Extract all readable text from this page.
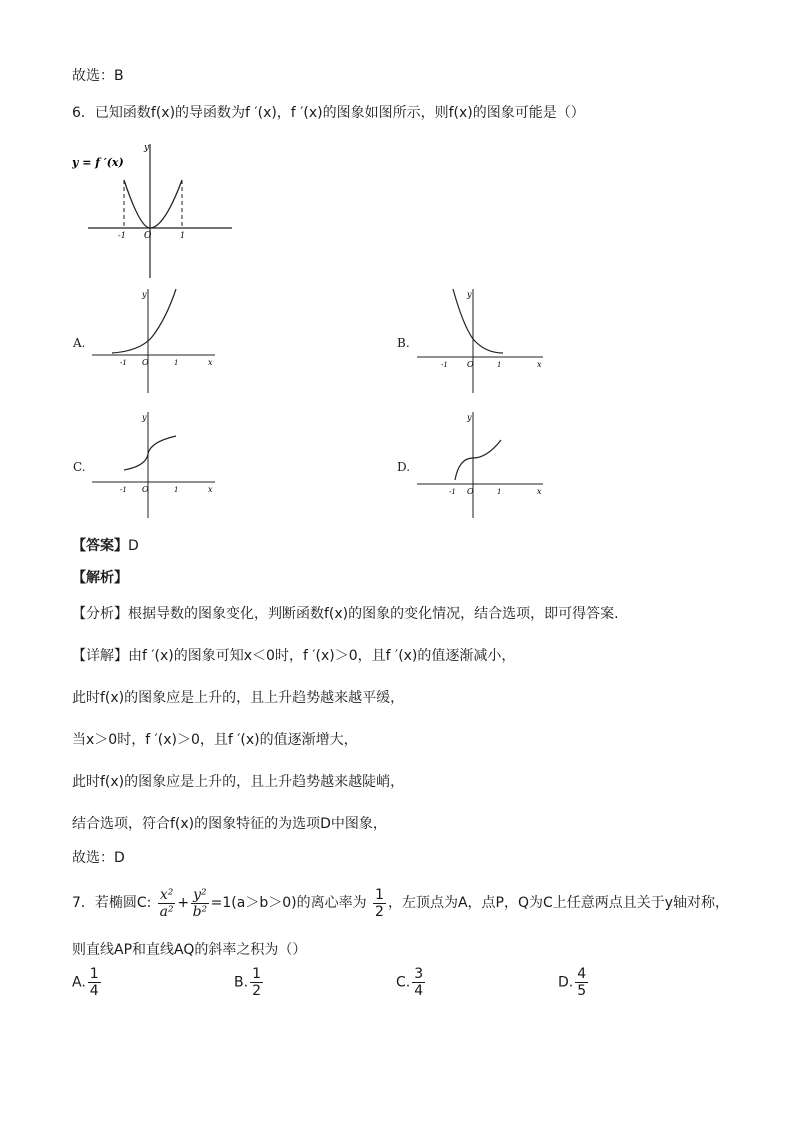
故选：B
6．已知函数f(x)的导函数为f ′(x)，f ′(x)的图象如图所示，则f(x)的图象可能是（）
y = f ′(x)
y
O
-1	1
A.
y
x
O
-1	1
B.
y
x
O
-1	1
C.
y
x
O
-1	1
D.
y
x
O
-1	1
【答案】D
【解析】
【分析】根据导数的图象变化，判断函数f(x)的图象的变化情况，结合选项，即可得答案.
【详解】由f ′(x)的图象可知x＜0时，f ′(x)＞0，且f ′(x)的值逐渐减小，
此时f(x)的图象应是上升的，且上升趋势越来越平缓，
当x＞0时，f ′(x)＞0，且f ′(x)的值逐渐增大，
此时f(x)的图象应是上升的，且上升趋势越来越陡峭，
结合选项，符合f(x)的图象特征的为选项D中图象，
故选：D
7．若椭圆C: $\frac{\text{x²}}{\text{a²}} + \frac{\text{y²}}{\text{b²}} =1(a>b>0)$的离心率为 $\frac{1}{2}$ ，左顶点为A，点P，Q为C上任意两点且关于y轴对称，
则直线AP和直线AQ的斜率之积为（）
A. $\frac{1}{4}$	B. $\frac{1}{2}$	C. $\frac{3}{4}$	D. $\frac{4}{5}$
